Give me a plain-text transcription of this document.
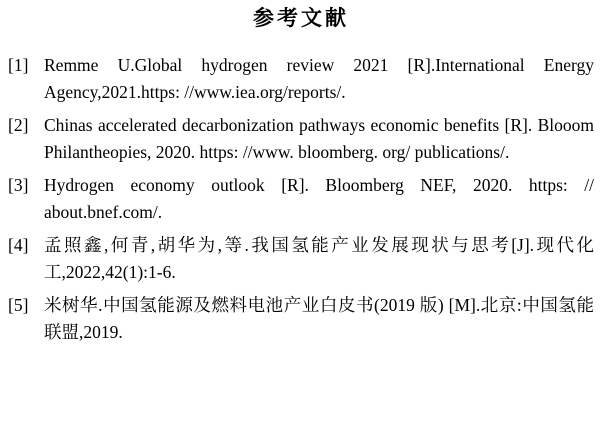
参考文献
[1] Remme U.Global hydrogen review 2021 [R].International Energy Agency,2021.https: //www.iea.org/reports/.
[2] Chinas accelerated decarbonization pathways economic benefits [R]. Blooom Philantheopies, 2020. https: //www. bloomberg. org/ publications/.
[3] Hydrogen economy outlook [R]. Bloomberg NEF, 2020. https: // about.bnef.com/.
[4] 孟照鑫,何青,胡华为,等.我国氢能产业发展现状与思考[J].现代化工,2022,42(1):1-6.
[5] 米树华.中国氢能源及燃料电池产业白皮书(2019 版) [M].北京:中国氢能联盟,2019.
